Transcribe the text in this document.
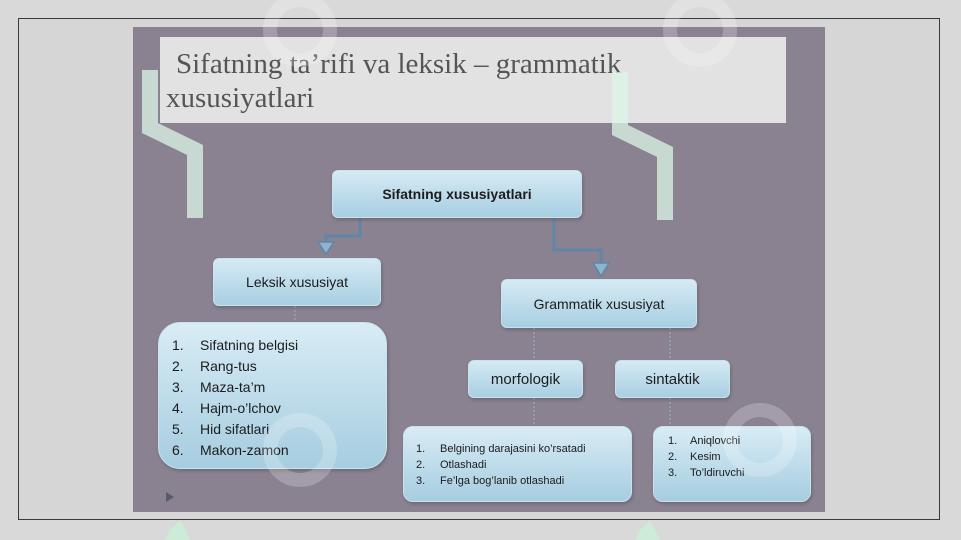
Sifatning ta’rifi va leksik – grammatik
xususiyatlari
Sifatning xususiyatlari
Leksik xususiyat
Grammatik xususiyat
morfologik	sintaktik
1.	Sifatning belgisi
2.	Rang-tus
3.	Maza-ta’m
4.	Hajm-o’lchov
5.	Hid sifatlari
6.	Makon-zamon	1.	Belgining darajasini ko’rsatadi
2.	Otlashadi
3.	Fe’lga bog’lanib otlashadi
1.	Aniqlovchi
2.	Kesim
3.	To’ldiruvchi
